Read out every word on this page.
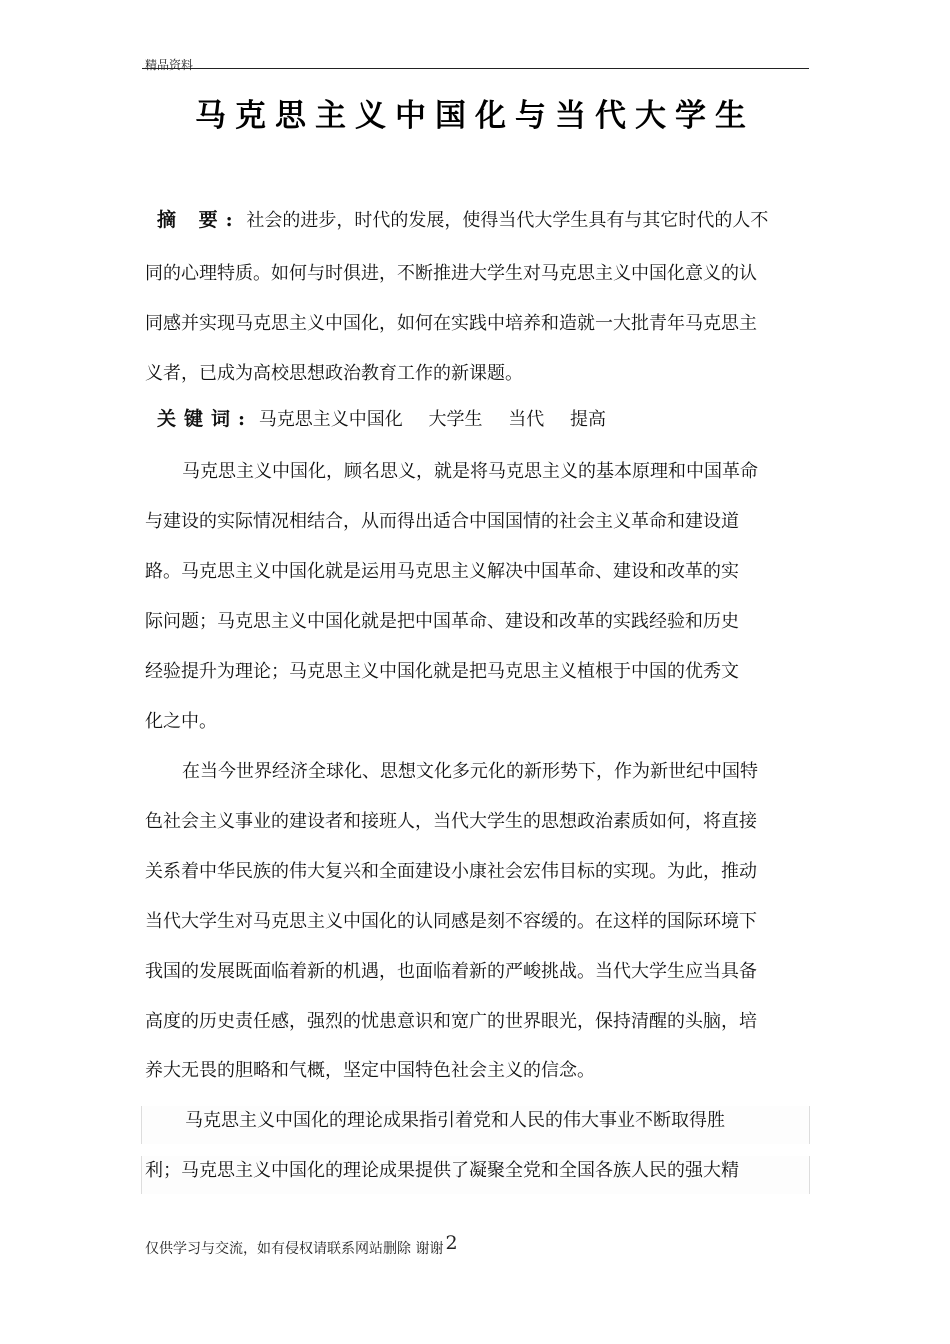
精品资料
马克思主义中国化与当代大学生
摘 要: 社会的进步，时代的发展，使得当代大学生具有与其它时代的人不
同的心理特质。如何与时俱进，不断推进大学生对马克思主义中国化意义的认
同感并实现马克思主义中国化，如何在实践中培养和造就一大批青年马克思主
义者，已成为高校思想政治教育工作的新课题。
关键词: 马克思主义中国化 大学生 当代 提高
马克思主义中国化，顾名思义，就是将马克思主义的基本原理和中国革命
与建设的实际情况相结合，从而得出适合中国国情的社会主义革命和建设道
路。马克思主义中国化就是运用马克思主义解决中国革命、建设和改革的实
际问题；马克思主义中国化就是把中国革命、建设和改革的实践经验和历史
经验提升为理论；马克思主义中国化就是把马克思主义植根于中国的优秀文
化之中。
在当今世界经济全球化、思想文化多元化的新形势下，作为新世纪中国特
色社会主义事业的建设者和接班人，当代大学生的思想政治素质如何，将直接
关系着中华民族的伟大复兴和全面建设小康社会宏伟目标的实现。为此，推动
当代大学生对马克思主义中国化的认同感是刻不容缓的。在这样的国际环境下
我国的发展既面临着新的机遇，也面临着新的严峻挑战。当代大学生应当具备
高度的历史责任感，强烈的忧患意识和宽广的世界眼光，保持清醒的头脑，培
养大无畏的胆略和气概，坚定中国特色社会主义的信念。
马克思主义中国化的理论成果指引着党和人民的伟大事业不断取得胜
利；马克思主义中国化的理论成果提供了凝聚全党和全国各族人民的强大精
仅供学习与交流，如有侵权请联系网站删除 谢谢 2
